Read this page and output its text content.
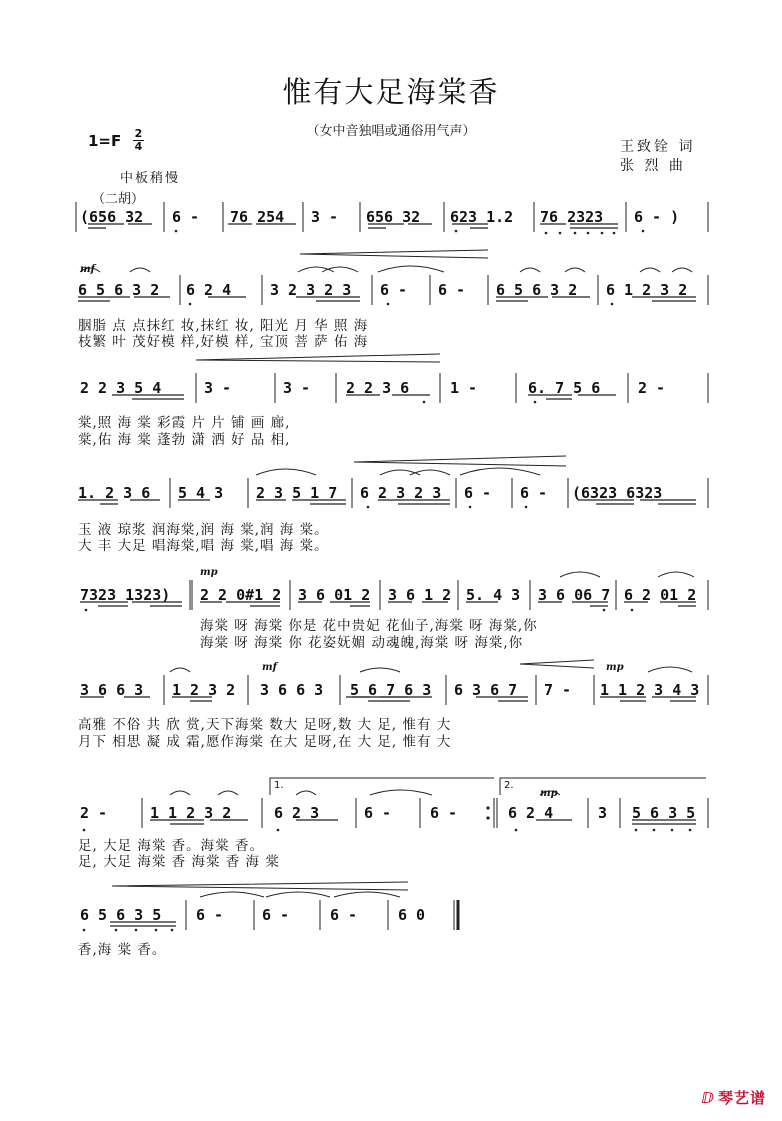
惟有大足海棠香
（女中音独唱或通俗用气声）
1=F 2
4	王致铨 词
张 烈 曲
中板稍慢
（二胡）
(656 32 6 - 76 254 3 - 656 32 623 1.2 76 2323 6 - )
mf
6 5 6 3 2 6 2 4	3 2 3 2 3 6 - 6 - 6 5 6 3 2 6 1 2 3 2
胭脂 点 点抹红 妆,抹红 妆, 阳光 月 华 照 海
枝繁 叶 茂好模 样,好模 样, 宝顶 菩 萨 佑 海
2 2 3 5 4	3 -	3 - 2 2 3 6	1 -	6. 7 5 6	2 -
棠,照 海 棠 彩霞 片 片 铺 画 廊,
棠,佑 海 棠 蓬勃 潇 洒 好 品 相,
1. 2 3 6 5 4 3 2 3 5 1 7 6 2 3 2 3 6 - 6 - (6323 6323
玉 液 琼浆 润海棠,润 海 棠,润 海 棠。
大 丰 大足 唱海棠,唱 海 棠,唱 海 棠。
mp
7323 1323) 2 2 0#1 2 3 6 01 2 3 6 1 2 5. 4 3 3 6 06 7 6 2 01 2
海棠 呀 海棠 你是 花中贵妃 花仙子,海棠 呀 海棠,你
海棠 呀 海棠 你 花姿妩媚 动魂魄,海棠 呀 海棠,你
mf	mp
3 6 6 3 1 2 3 2 3 6 6 3 5 6 7 6 3 6 3 6 7 7 - 1 1 2 3 4 3
高雅 不俗 共 欣 赏,天下海棠 数大 足呀,数 大 足, 惟有 大
月下 相思 凝 成 霜,愿作海棠 在大 足呀,在 大 足, 惟有 大
1.	2.
mp
2 -	1 1 2 3 2	6 2 3	6 -	6 -	6 2 4	3 5 6 3 5
足, 大足 海棠 香。海棠 香。
足, 大足 海棠 香 海棠 香 海 棠
6 5 6 3 5 6 -	6 -	6 -	6 0
香,海 棠 香。
ⅅ 琴艺谱
